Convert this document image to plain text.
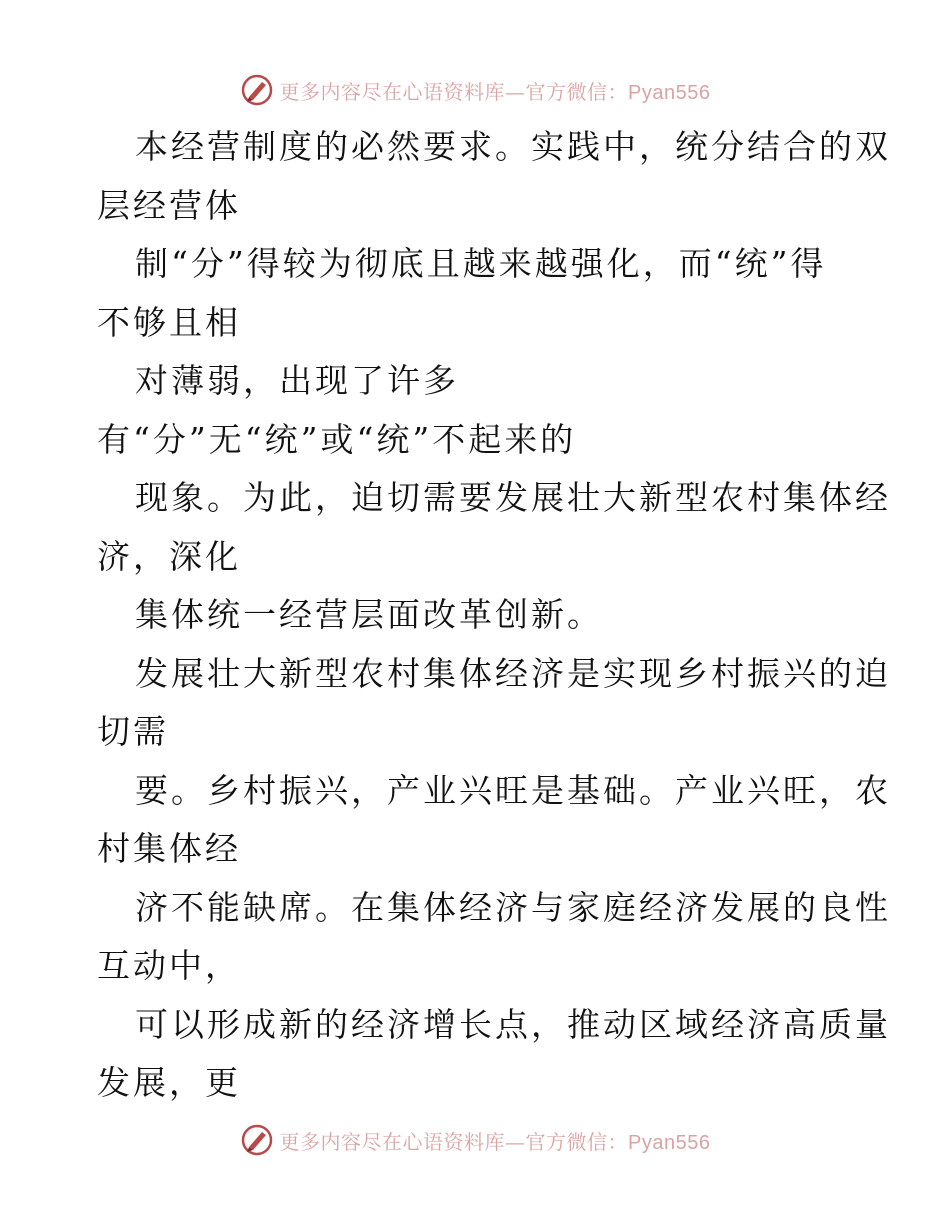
更多内容尽在心语资料库—官方微信：Pyan556
本经营制度的必然要求。实践中，统分结合的双
层经营体
制“分”得较为彻底且越来越强化，而“统”得
不够且相
对薄弱，出现了许多
有“分”无“统”或“统”不起来的
现象。为此，迫切需要发展壮大新型农村集体经
济，深化
集体统一经营层面改革创新。
发展壮大新型农村集体经济是实现乡村振兴的迫
切需
要。乡村振兴，产业兴旺是基础。产业兴旺，农
村集体经
济不能缺席。在集体经济与家庭经济发展的良性
互动中，
可以形成新的经济增长点，推动区域经济高质量
发展，更
更多内容尽在心语资料库—官方微信：Pyan556
